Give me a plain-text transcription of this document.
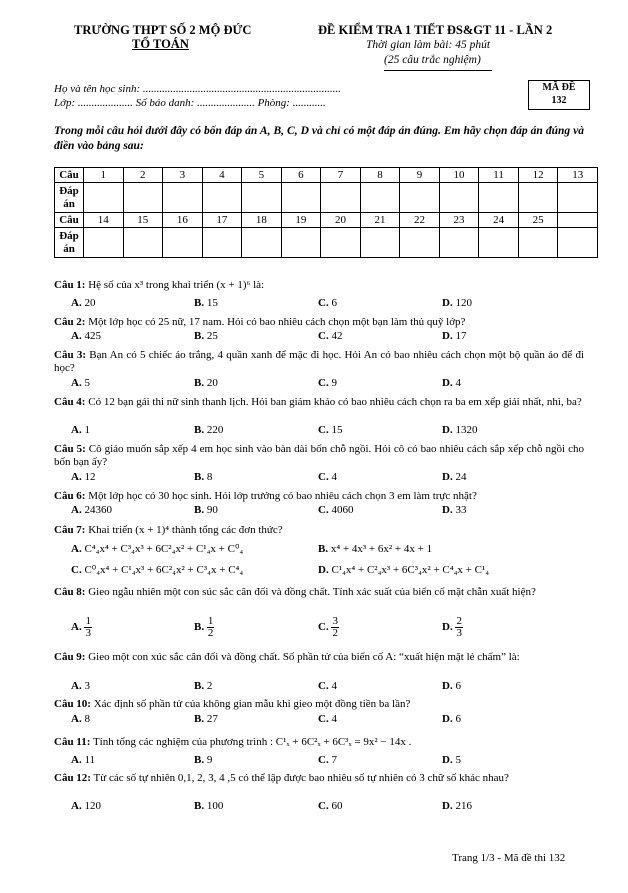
TRƯỜNG THPT SỐ 2 MỘ ĐỨC
TỔ TOÁN
ĐỀ KIỂM TRA 1 TIẾT ĐS&GT 11 - LẦN 2
Thời gian làm bài: 45 phút
(25 câu trắc nghiệm)
Họ và tên học sinh: ........................................................................
Lớp: .................... Số báo danh: ..................... Phòng: ............
MÃ ĐỀ
132
Trong mỗi câu hỏi dưới đây có bốn đáp án A, B, C, D và chỉ có một đáp án đúng. Em hãy chọn đáp án đúng và điền vào bảng sau:
Câu	1	2	3	4	5	6	7	8	9	10	11	12	13
Đáp án													
Câu	14	15	16	17	18	19	20	21	22	23	24	25	
Đáp án													
Câu 1: Hệ số của x³ trong khai triển (x + 1)⁶ là:
A. 20	B. 15	C. 6	D. 120
Câu 2: Một lớp học có 25 nữ, 17 nam. Hỏi có bao nhiêu cách chọn một bạn làm thủ quỹ lớp?
A. 425	B. 25	C. 42	D. 17
Câu 3: Bạn An có 5 chiếc áo trắng, 4 quần xanh để mặc đi học. Hỏi An có bao nhiêu cách chọn một bộ quần áo để đi học?
A. 5	B. 20	C. 9	D. 4
Câu 4: Có 12 bạn gái thi nữ sinh thanh lịch. Hỏi ban giám khảo có bao nhiêu cách chọn ra ba em xếp giải nhất, nhì, ba?
A. 1	B. 220	C. 15	D. 1320
Câu 5: Cô giáo muốn sắp xếp 4 em học sinh vào bàn dài bốn chỗ ngồi. Hỏi cô có bao nhiêu cách sắp xếp chỗ ngồi cho bốn bạn ấy?
A. 12	B. 8	C. 4	D. 24
Câu 6: Một lớp học có 30 học sinh. Hỏi lớp trưởng có bao nhiêu cách chọn 3 em làm trực nhật?
A. 24360	B. 90	C. 4060	D. 33
Câu 7: Khai triển (x + 1)⁴ thành tổng các đơn thức?
A. C⁴₄x⁴ + C³₄x³ + 6C²₄x² + C¹₄x + C⁰₄	B. x⁴ + 4x³ + 6x² + 4x + 1
C. C⁰₄x⁴ + C¹₄x³ + 6C²₄x² + C³₄x + C⁴₄	D. C¹₄x⁴ + C²₄x³ + 6C³₄x² + C⁴₄x + C¹₄
Câu 8: Gieo ngẫu nhiên một con súc sắc cân đối và đồng chất. Tính xác suất của biến cố mặt chẵn xuất hiện?
A. $\frac{1}{3}$	B. $\frac{1}{2}$	C. $\frac{3}{2}$	D. $\frac{2}{3}$
Câu 9: Gieo một con xúc sắc cân đối và đồng chất. Số phần tử của biến cố A: “xuất hiện mặt lẻ chấm” là:
A. 3	B. 2	C. 4	D. 6
Câu 10: Xác định số phần tử của không gian mẫu khi gieo một đồng tiền ba lần?
A. 8	B. 27	C. 4	D. 6
Câu 11: Tính tổng các nghiệm của phương trình : C¹ₓ + 6C²ₓ + 6C³ₓ = 9x² − 14x .
A. 11	B. 9	C. 7	D. 5
Câu 12: Từ các số tự nhiên 0,1, 2, 3, 4 ,5 có thể lập được bao nhiêu số tự nhiên có 3 chữ số khác nhau?
A. 120	B. 100	C. 60	D. 216
Trang 1/3 - Mã đề thi 132
